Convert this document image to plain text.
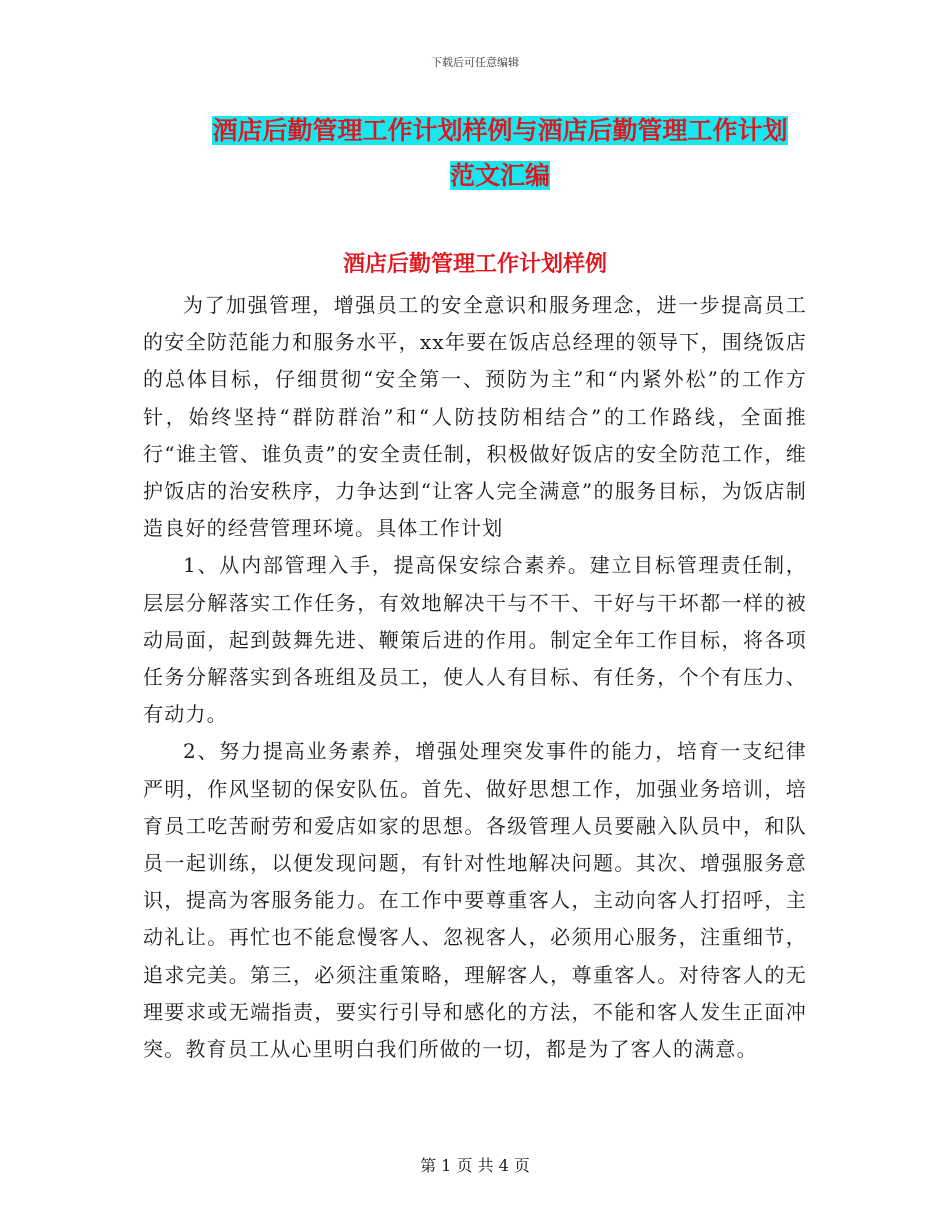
下载后可任意编辑
酒店后勤管理工作计划样例与酒店后勤管理工作计划
范文汇编
酒店后勤管理工作计划样例

为了加强管理，增强员工的安全意识和服务理念，进一步提高员工的安全防范能力和服务水平，xx年要在饭店总经理的领导下，围绕饭店的总体目标，仔细贯彻“安全第一、预防为主”和“内紧外松”的工作方针，始终坚持“群防群治”和“人防技防相结合”的工作路线，全面推行“谁主管、谁负责”的安全责任制，积极做好饭店的安全防范工作，维护饭店的治安秩序，力争达到“让客人完全满意”的服务目标，为饭店制造良好的经营管理环境。具体工作计划

1、从内部管理入手，提高保安综合素养。建立目标管理责任制，层层分解落实工作任务，有效地解决干与不干、干好与干坏都一样的被动局面，起到鼓舞先进、鞭策后进的作用。制定全年工作目标，将各项任务分解落实到各班组及员工，使人人有目标、有任务，个个有压力、有动力。

2、努力提高业务素养，增强处理突发事件的能力，培育一支纪律严明，作风坚韧的保安队伍。首先、做好思想工作，加强业务培训，培育员工吃苦耐劳和爱店如家的思想。各级管理人员要融入队员中，和队员一起训练，以便发现问题，有针对性地解决问题。其次、增强服务意识，提高为客服务能力。在工作中要尊重客人，主动向客人打招呼，主动礼让。再忙也不能怠慢客人、忽视客人，必须用心服务，注重细节，追求完美。第三，必须注重策略，理解客人，尊重客人。对待客人的无理要求或无端指责，要实行引导和感化的方法，不能和客人发生正面冲突。教育员工从心里明白我们所做的一切，都是为了客人的满意。

第 1 页 共 4 页
